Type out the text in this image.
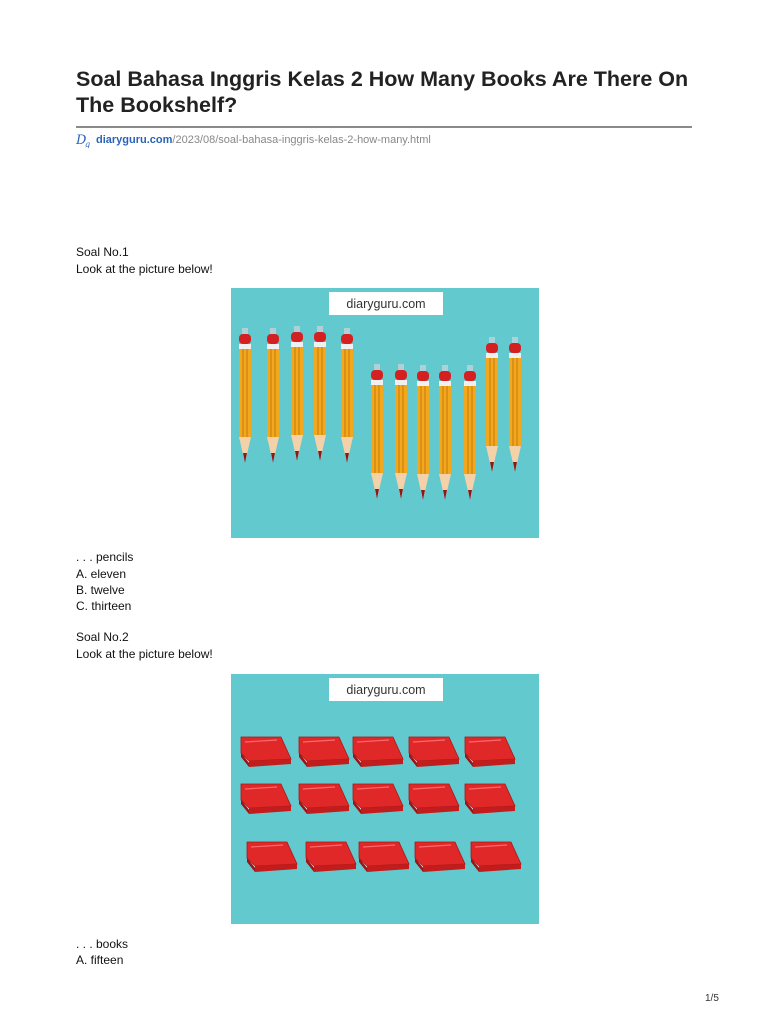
Soal Bahasa Inggris Kelas 2 How Many Books Are There On The Bookshelf?
D
g diaryguru.com /2023/08/soal-bahasa-inggris-kelas-2-how-many.html
Soal No.1
Look at the picture below!
diaryguru.com
. . . pencils
A. eleven
B. twelve
C. thirteen
Soal No.2
Look at the picture below!
diaryguru.com
. . . books
A. fifteen
1/5
